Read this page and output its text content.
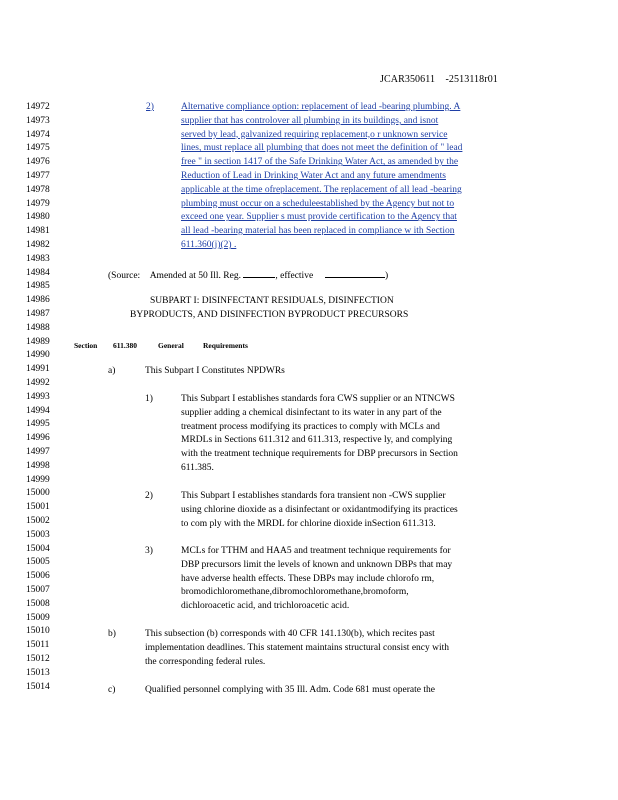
JCAR350611 -2513118r01
14972
14973
14974
14975
14976
14977
14978
14979
14980
14981
14982
14983
14984
14985
14986
14987
14988
14989
14990
14991
14992
14993
14994
14995
14996
14997
14998
14999
15000
15001
15002
15003
15004
15005
15006
15007
15008
15009
15010
15011
15012
15013
15014
2)	Alternative compliance option: replacement of lead -bearing plumbing. A
supplier that has controlover all plumbing in its buildings, and isnot
served by lead, galvanized requiring replacement,o r unknown service
lines, must replace all plumbing that does not meet the definition of " lead
free " in section 1417 of the Safe Drinking Water Act, as amended by the
Reduction of Lead in Drinking Water Act and any future amendments
applicable at the time ofreplacement. The replacement of all lead -bearing
plumbing must occur on a scheduleestablished by the Agency but not to
exceed one year. Supplier s must provide certification to the Agency that
all lead -bearing material has been replaced in compliance w ith Section
611.360(j)(2) .
(Source: Amended at 50 Ill. Reg.	, effective	)
SUBPART I: DISINFECTANT RESIDUALS, DISINFECTION
BYPRODUCTS, AND DISINFECTION BYPRODUCT PRECURSORS
Section 611.380	General	Requirements
a)	This Subpart I Constitutes NPDWRs
1)	This Subpart I establishes standards fora CWS supplier or an NTNCWS
supplier adding a chemical disinfectant to its water in any part of the
treatment process modifying its practices to comply with MCLs and
MRDLs in Sections 611.312 and 611.313, respective ly, and complying
with the treatment technique requirements for DBP precursors in Section
611.385.
2)	This Subpart I establishes standards fora transient non -CWS supplier
using chlorine dioxide as a disinfectant or oxidantmodifying its practices
to com ply with the MRDL for chlorine dioxide inSection 611.313.
3)	MCLs for TTHM and HAA5 and treatment technique requirements for
DBP precursors limit the levels of known and unknown DBPs that may
have adverse health effects. These DBPs may include chlorofo rm,
bromodichloromethane,dibromochloromethane,bromoform,
dichloroacetic acid, and trichloroacetic acid.
b)	This subsection (b) corresponds with 40 CFR 141.130(b), which recites past
implementation deadlines. This statement maintains structural consist ency with
the corresponding federal rules.
c)	Qualified personnel complying with 35 Ill. Adm. Code 681 must operate the
